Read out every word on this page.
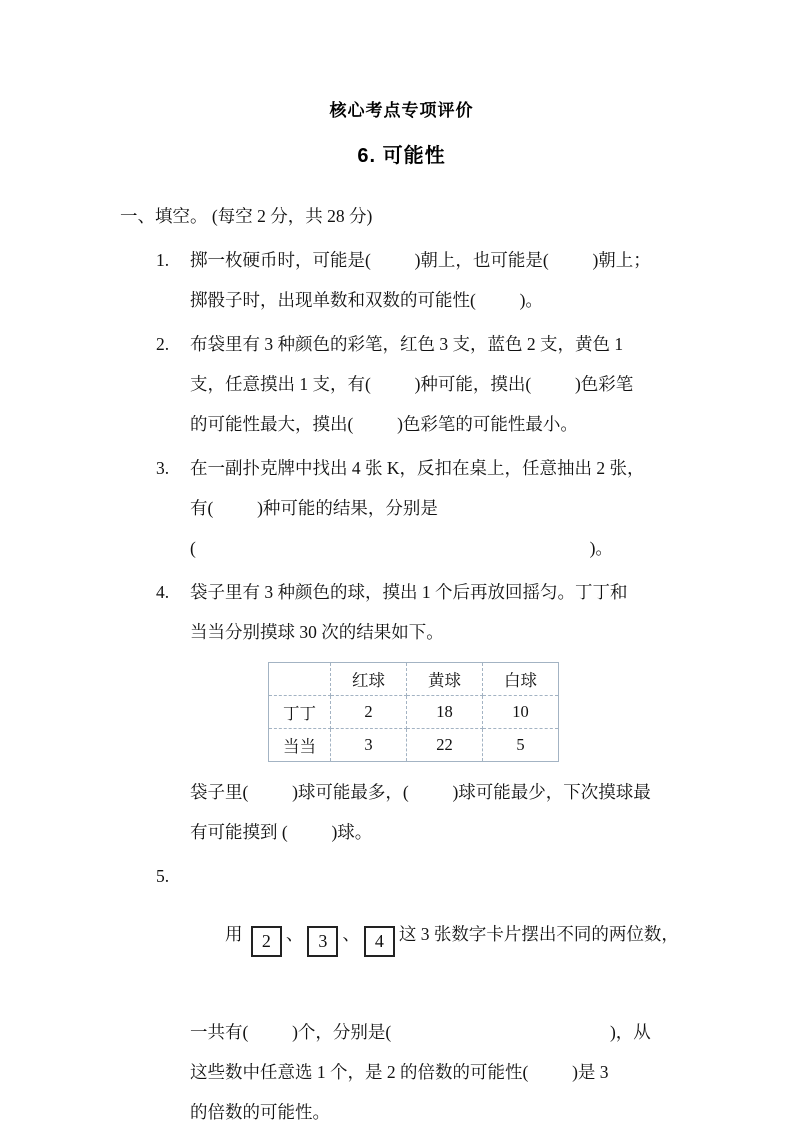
核心考点专项评价
6. 可能性
一、填空。 (每空 2 分，共 28 分)
1.	掷一枚硬币时，可能是(          )朝上，也可能是(          )朝上；
掷骰子时，出现单数和双数的可能性(          )。
2.	布袋里有 3 种颜色的彩笔，红色 3 支，蓝色 2 支，黄色 1
支，任意摸出 1 支，有(          )种可能，摸出(          )色彩笔
的可能性最大，摸出(          )色彩笔的可能性最小。
3.	在一副扑克牌中找出 4 张 K，反扣在桌上，任意抽出 2 张，
有(          )种可能的结果，分别是
(                                                                                          )。
4.	袋子里有 3 种颜色的球，摸出 1 个后再放回摇匀。丁丁和
当当分别摸球 30 次的结果如下。
	红球	黄球	白球
丁丁	2	18	10
当当	3	22	5
袋子里(          )球可能最多，(          )球可能最少，下次摸球最
有可能摸到 (          )球。
5.

用 2 、 3 、 4 这 3 张数字卡片摆出不同的两位数，

一共有(          )个，分别是(                                                  )，从
这些数中任意选 1 个，是 2 的倍数的可能性(          )是 3
的倍数的可能性。
